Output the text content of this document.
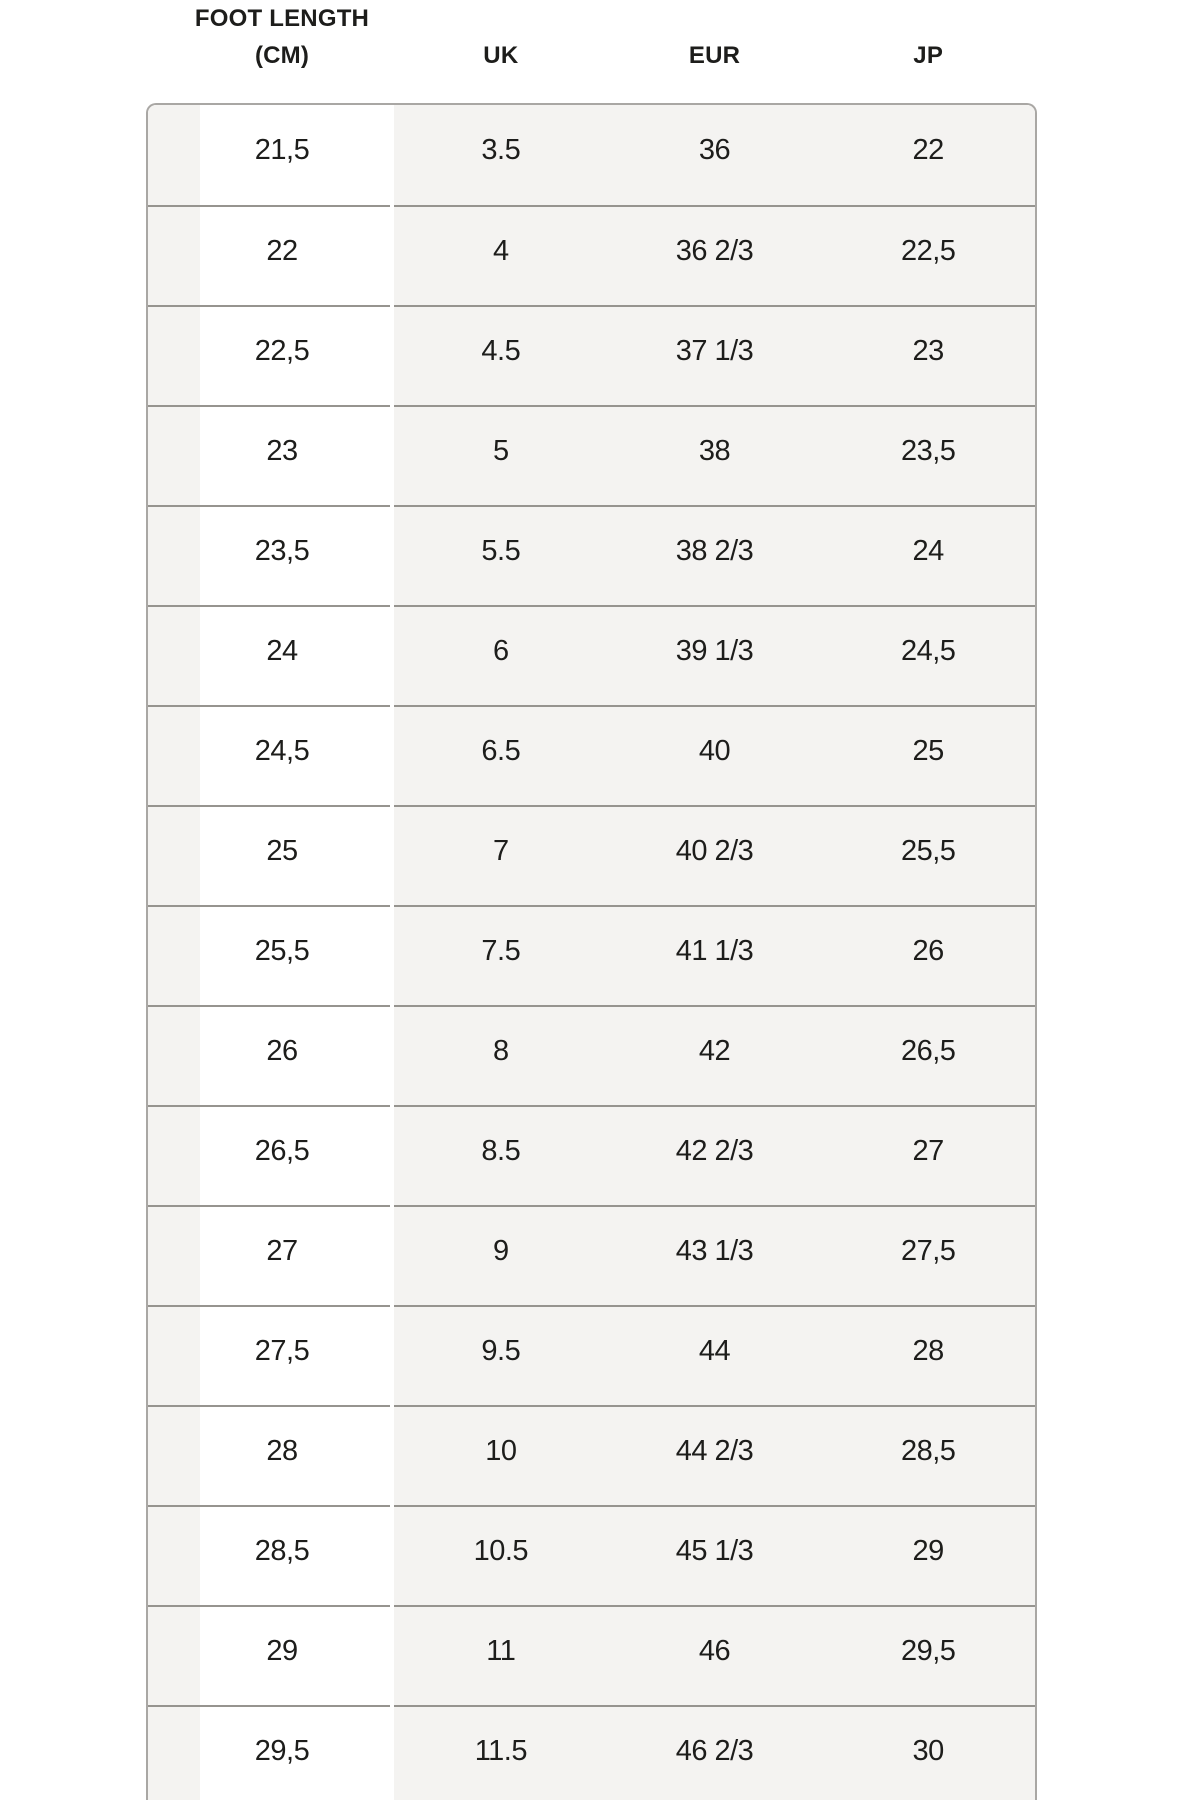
FOOT LENGTH
(CM)	UK	EUR	JP
21,5	3.5	36	22
22	4	36 2/3	22,5
22,5	4.5	37 1/3	23
23	5	38	23,5
23,5	5.5	38 2/3	24
24	6	39 1/3	24,5
24,5	6.5	40	25
25	7	40 2/3	25,5
25,5	7.5	41 1/3	26
26	8	42	26,5
26,5	8.5	42 2/3	27
27	9	43 1/3	27,5
27,5	9.5	44	28
28	10	44 2/3	28,5
28,5	10.5	45 1/3	29
29	11	46	29,5
29,5	11.5	46 2/3	30
